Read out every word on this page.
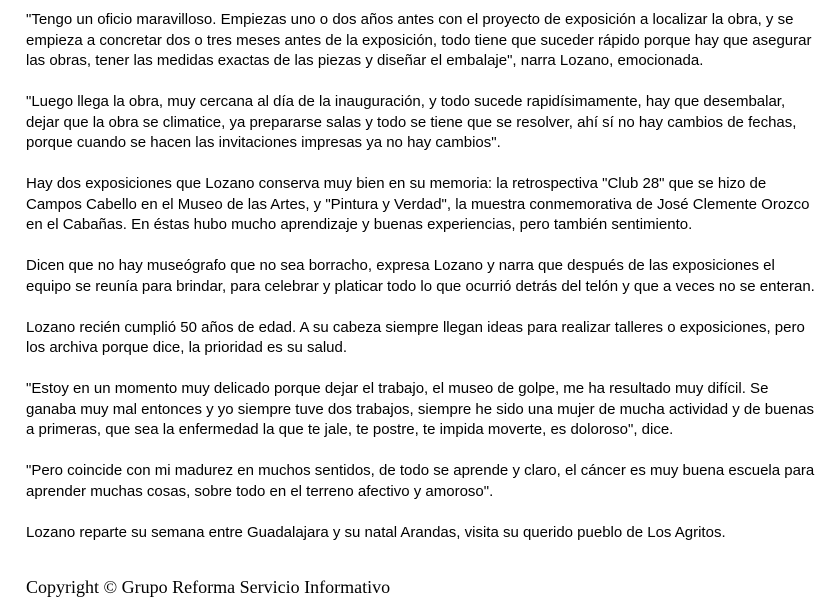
"Tengo un oficio maravilloso. Empiezas uno o dos años antes con el proyecto de exposición a localizar la obra, y se empieza a concretar dos o tres meses antes de la exposición, todo tiene que suceder rápido porque hay que asegurar las obras, tener las medidas exactas de las piezas y diseñar el embalaje", narra Lozano, emocionada.

"Luego llega la obra, muy cercana al día de la inauguración, y todo sucede rapidísimamente, hay que desembalar, dejar que la obra se climatice, ya prepararse salas y todo se tiene que se resolver, ahí sí no hay cambios de fechas, porque cuando se hacen las invitaciones impresas ya no hay cambios".

Hay dos exposiciones que Lozano conserva muy bien en su memoria: la retrospectiva "Club 28" que se hizo de Campos Cabello en el Museo de las Artes, y "Pintura y Verdad", la muestra conmemorativa de José Clemente Orozco en el Cabañas. En éstas hubo mucho aprendizaje y buenas experiencias, pero también sentimiento.

Dicen que no hay museógrafo que no sea borracho, expresa Lozano y narra que después de las exposiciones el equipo se reunía para brindar, para celebrar y platicar todo lo que ocurrió detrás del telón y que a veces no se enteran.

Lozano recién cumplió 50 años de edad. A su cabeza siempre llegan ideas para realizar talleres o exposiciones, pero los archiva porque dice, la prioridad es su salud.

"Estoy en un momento muy delicado porque dejar el trabajo, el museo de golpe, me ha resultado muy difícil. Se ganaba muy mal entonces y yo siempre tuve dos trabajos, siempre he sido una mujer de mucha actividad y de buenas a primeras, que sea la enfermedad la que te jale, te postre, te impida moverte, es doloroso", dice.

"Pero coincide con mi madurez en muchos sentidos, de todo se aprende y claro, el cáncer es muy buena escuela para aprender muchas cosas, sobre todo en el terreno afectivo y amoroso".

Lozano reparte su semana entre Guadalajara y su natal Arandas, visita su querido pueblo de Los Agritos.

Copyright © Grupo Reforma Servicio Informativo
